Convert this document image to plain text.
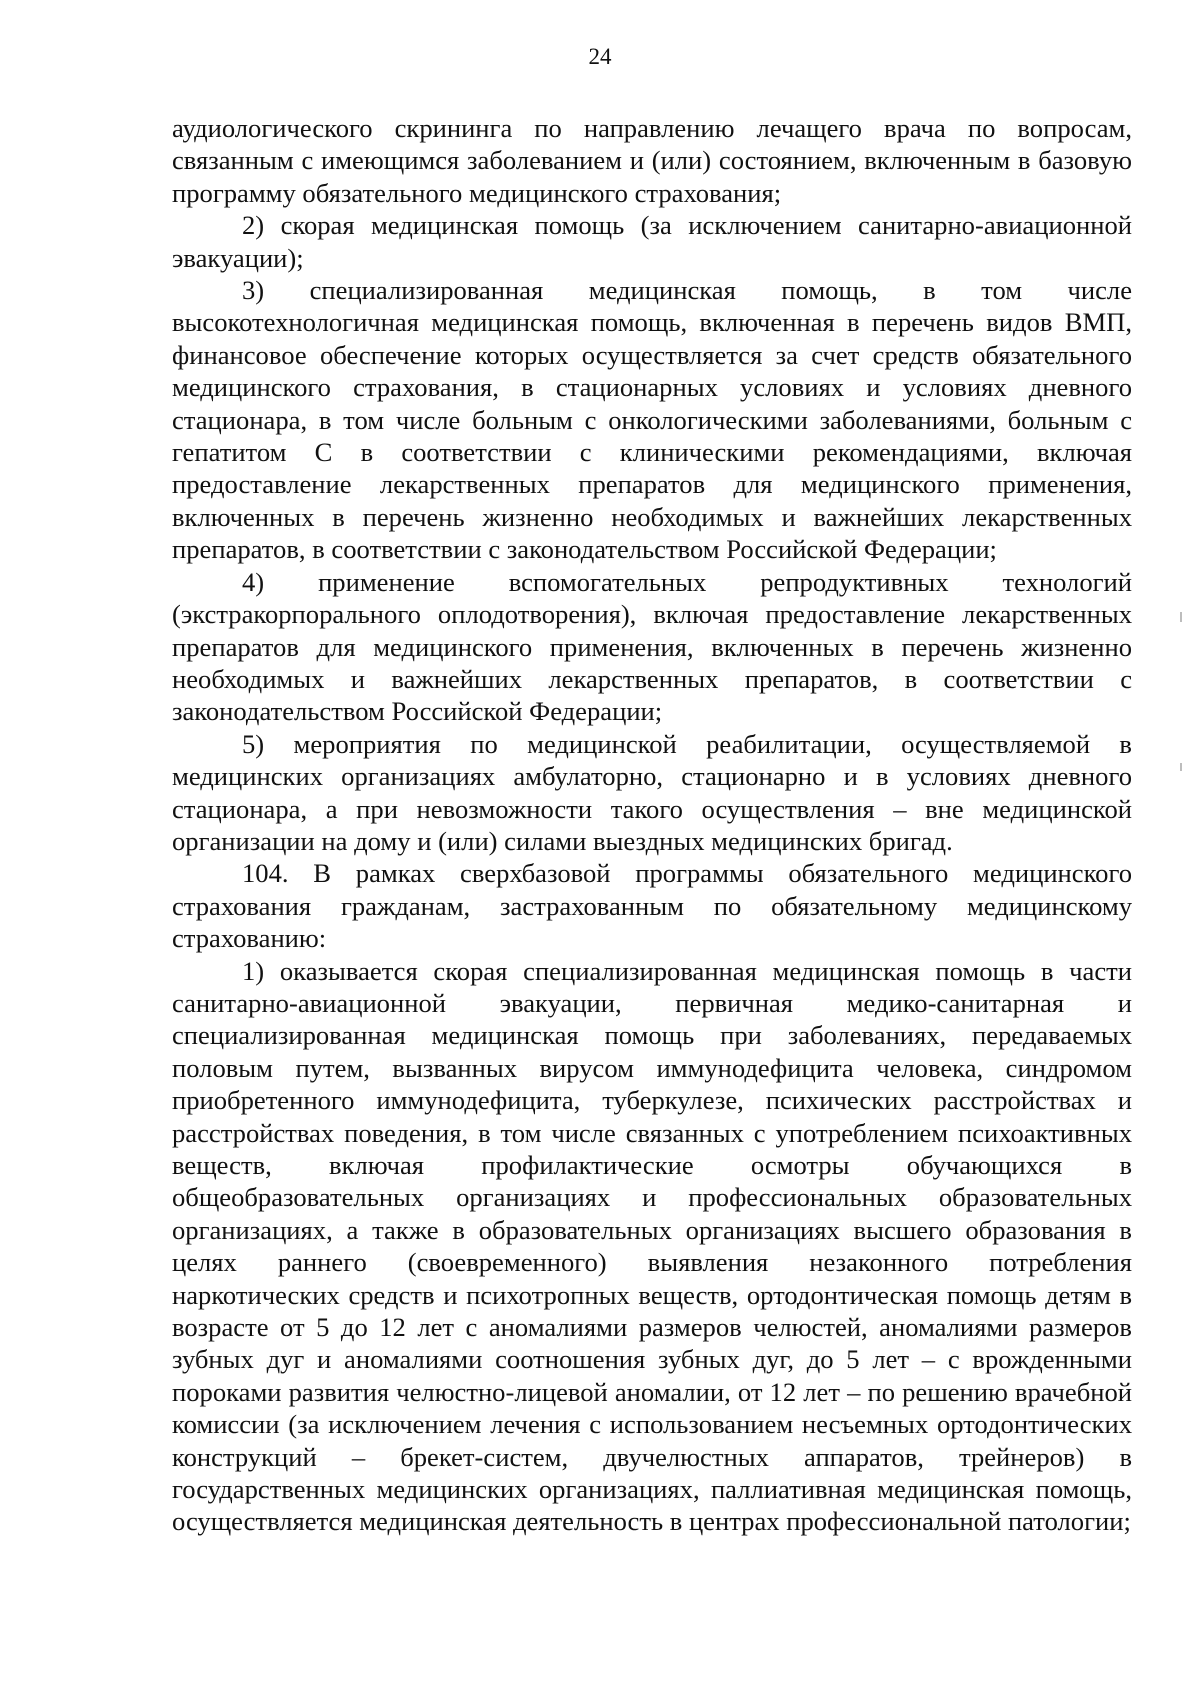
24

аудиологического скрининга по направлению лечащего врача по вопросам, связанным с имеющимся заболеванием и (или) состоянием, включенным в базовую программу обязательного медицинского страхования;

2) скорая медицинская помощь (за исключением санитарно-авиационной эвакуации);

3) специализированная медицинская помощь, в том числе высокотехнологичная медицинская помощь, включенная в перечень видов ВМП, финансовое обеспечение которых осуществляется за счет средств обязательного медицинского страхования, в стационарных условиях и условиях дневного стационара, в том числе больным с онкологическими заболеваниями, больным с гепатитом С в соответствии с клиническими рекомендациями, включая предоставление лекарственных препаратов для медицинского применения, включенных в перечень жизненно необходимых и важнейших лекарственных препаратов, в соответствии с законодательством Российской Федерации;

4) применение вспомогательных репродуктивных технологий (экстракорпорального оплодотворения), включая предоставление лекарственных препаратов для медицинского применения, включенных в перечень жизненно необходимых и важнейших лекарственных препаратов, в соответствии с законодательством Российской Федерации;

5) мероприятия по медицинской реабилитации, осуществляемой в медицинских организациях амбулаторно, стационарно и в условиях дневного стационара, а при невозможности такого осуществления – вне медицинской организации на дому и (или) силами выездных медицинских бригад.

104. В рамках сверхбазовой программы обязательного медицинского страхования гражданам, застрахованным по обязательному медицинскому страхованию:

1) оказывается скорая специализированная медицинская помощь в части санитарно-авиационной эвакуации, первичная медико-санитарная и специализированная медицинская помощь при заболеваниях, передаваемых половым путем, вызванных вирусом иммунодефицита человека, синдромом приобретенного иммунодефицита, туберкулезе, психических расстройствах и расстройствах поведения, в том числе связанных с употреблением психоактивных веществ, включая профилактические осмотры обучающихся в общеобразовательных организациях и профессиональных образовательных организациях, а также в образовательных организациях высшего образования в целях раннего (своевременного) выявления незаконного потребления наркотических средств и психотропных веществ, ортодонтическая помощь детям в возрасте от 5 до 12 лет с аномалиями размеров челюстей, аномалиями размеров зубных дуг и аномалиями соотношения зубных дуг, до 5 лет – с врожденными пороками развития челюстно-лицевой аномалии, от 12 лет – по решению врачебной комиссии (за исключением лечения с использованием несъемных ортодонтических конструкций – брекет-систем, двучелюстных аппаратов, трейнеров) в государственных медицинских организациях, паллиативная медицинская помощь, осуществляется медицинская деятельность в центрах профессиональной патологии;
